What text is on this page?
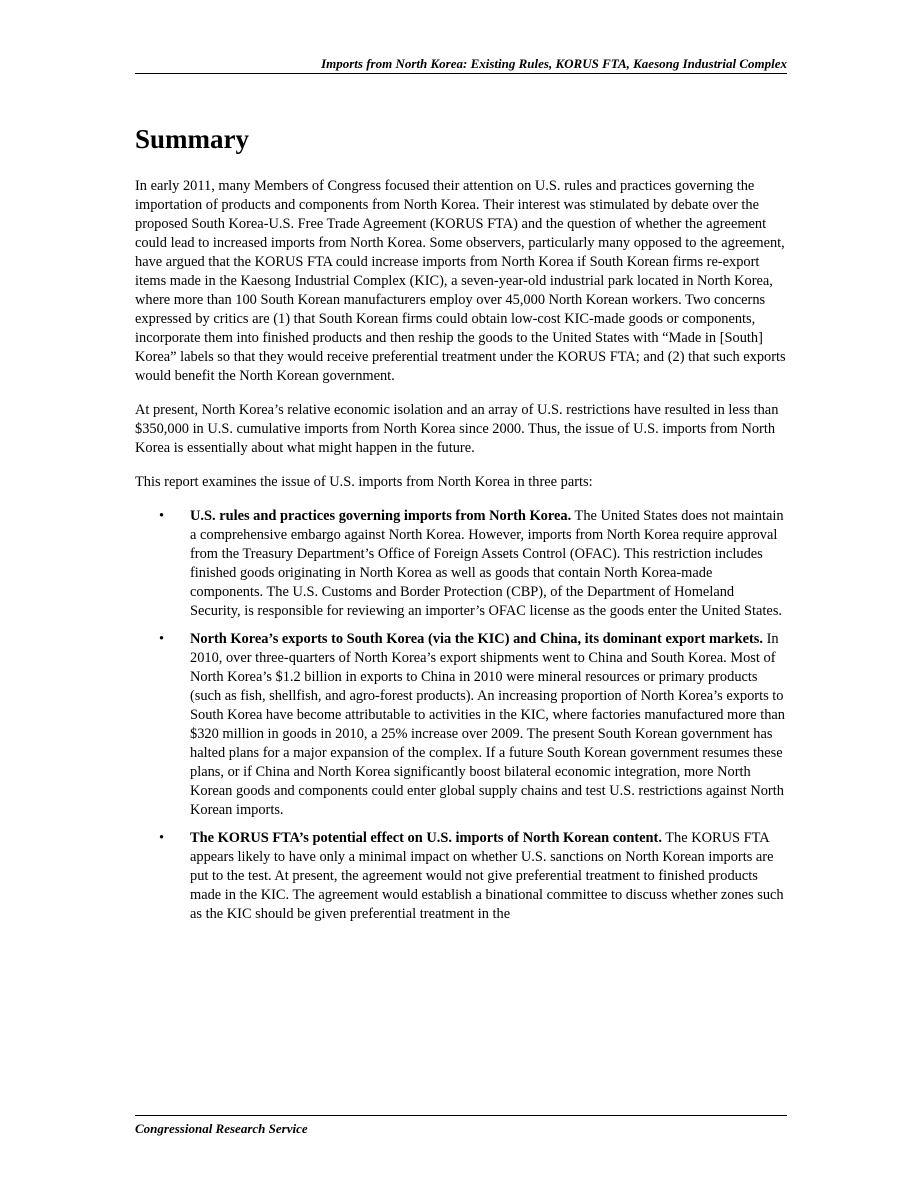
Imports from North Korea: Existing Rules, KORUS FTA, Kaesong Industrial Complex
Summary

In early 2011, many Members of Congress focused their attention on U.S. rules and practices governing the importation of products and components from North Korea. Their interest was stimulated by debate over the proposed South Korea-U.S. Free Trade Agreement (KORUS FTA) and the question of whether the agreement could lead to increased imports from North Korea. Some observers, particularly many opposed to the agreement, have argued that the KORUS FTA could increase imports from North Korea if South Korean firms re-export items made in the Kaesong Industrial Complex (KIC), a seven-year-old industrial park located in North Korea, where more than 100 South Korean manufacturers employ over 45,000 North Korean workers. Two concerns expressed by critics are (1) that South Korean firms could obtain low-cost KIC-made goods or components, incorporate them into finished products and then reship the goods to the United States with “Made in [South] Korea” labels so that they would receive preferential treatment under the KORUS FTA; and (2) that such exports would benefit the North Korean government.

At present, North Korea’s relative economic isolation and an array of U.S. restrictions have resulted in less than $350,000 in U.S. cumulative imports from North Korea since 2000. Thus, the issue of U.S. imports from North Korea is essentially about what might happen in the future.

This report examines the issue of U.S. imports from North Korea in three parts:

• U.S. rules and practices governing imports from North Korea. The United States does not maintain a comprehensive embargo against North Korea. However, imports from North Korea require approval from the Treasury Department’s Office of Foreign Assets Control (OFAC). This restriction includes finished goods originating in North Korea as well as goods that contain North Korea-made components. The U.S. Customs and Border Protection (CBP), of the Department of Homeland Security, is responsible for reviewing an importer’s OFAC license as the goods enter the United States.
• North Korea’s exports to South Korea (via the KIC) and China, its dominant export markets. In 2010, over three-quarters of North Korea’s export shipments went to China and South Korea. Most of North Korea’s $1.2 billion in exports to China in 2010 were mineral resources or primary products (such as fish, shellfish, and agro-forest products). An increasing proportion of North Korea’s exports to South Korea have become attributable to activities in the KIC, where factories manufactured more than $320 million in goods in 2010, a 25% increase over 2009. The present South Korean government has halted plans for a major expansion of the complex. If a future South Korean government resumes these plans, or if China and North Korea significantly boost bilateral economic integration, more North Korean goods and components could enter global supply chains and test U.S. restrictions against North Korean imports.
• The KORUS FTA’s potential effect on U.S. imports of North Korean content. The KORUS FTA appears likely to have only a minimal impact on whether U.S. sanctions on North Korean imports are put to the test. At present, the agreement would not give preferential treatment to finished products made in the KIC. The agreement would establish a binational committee to discuss whether zones such as the KIC should be given preferential treatment in the
Congressional Research Service
